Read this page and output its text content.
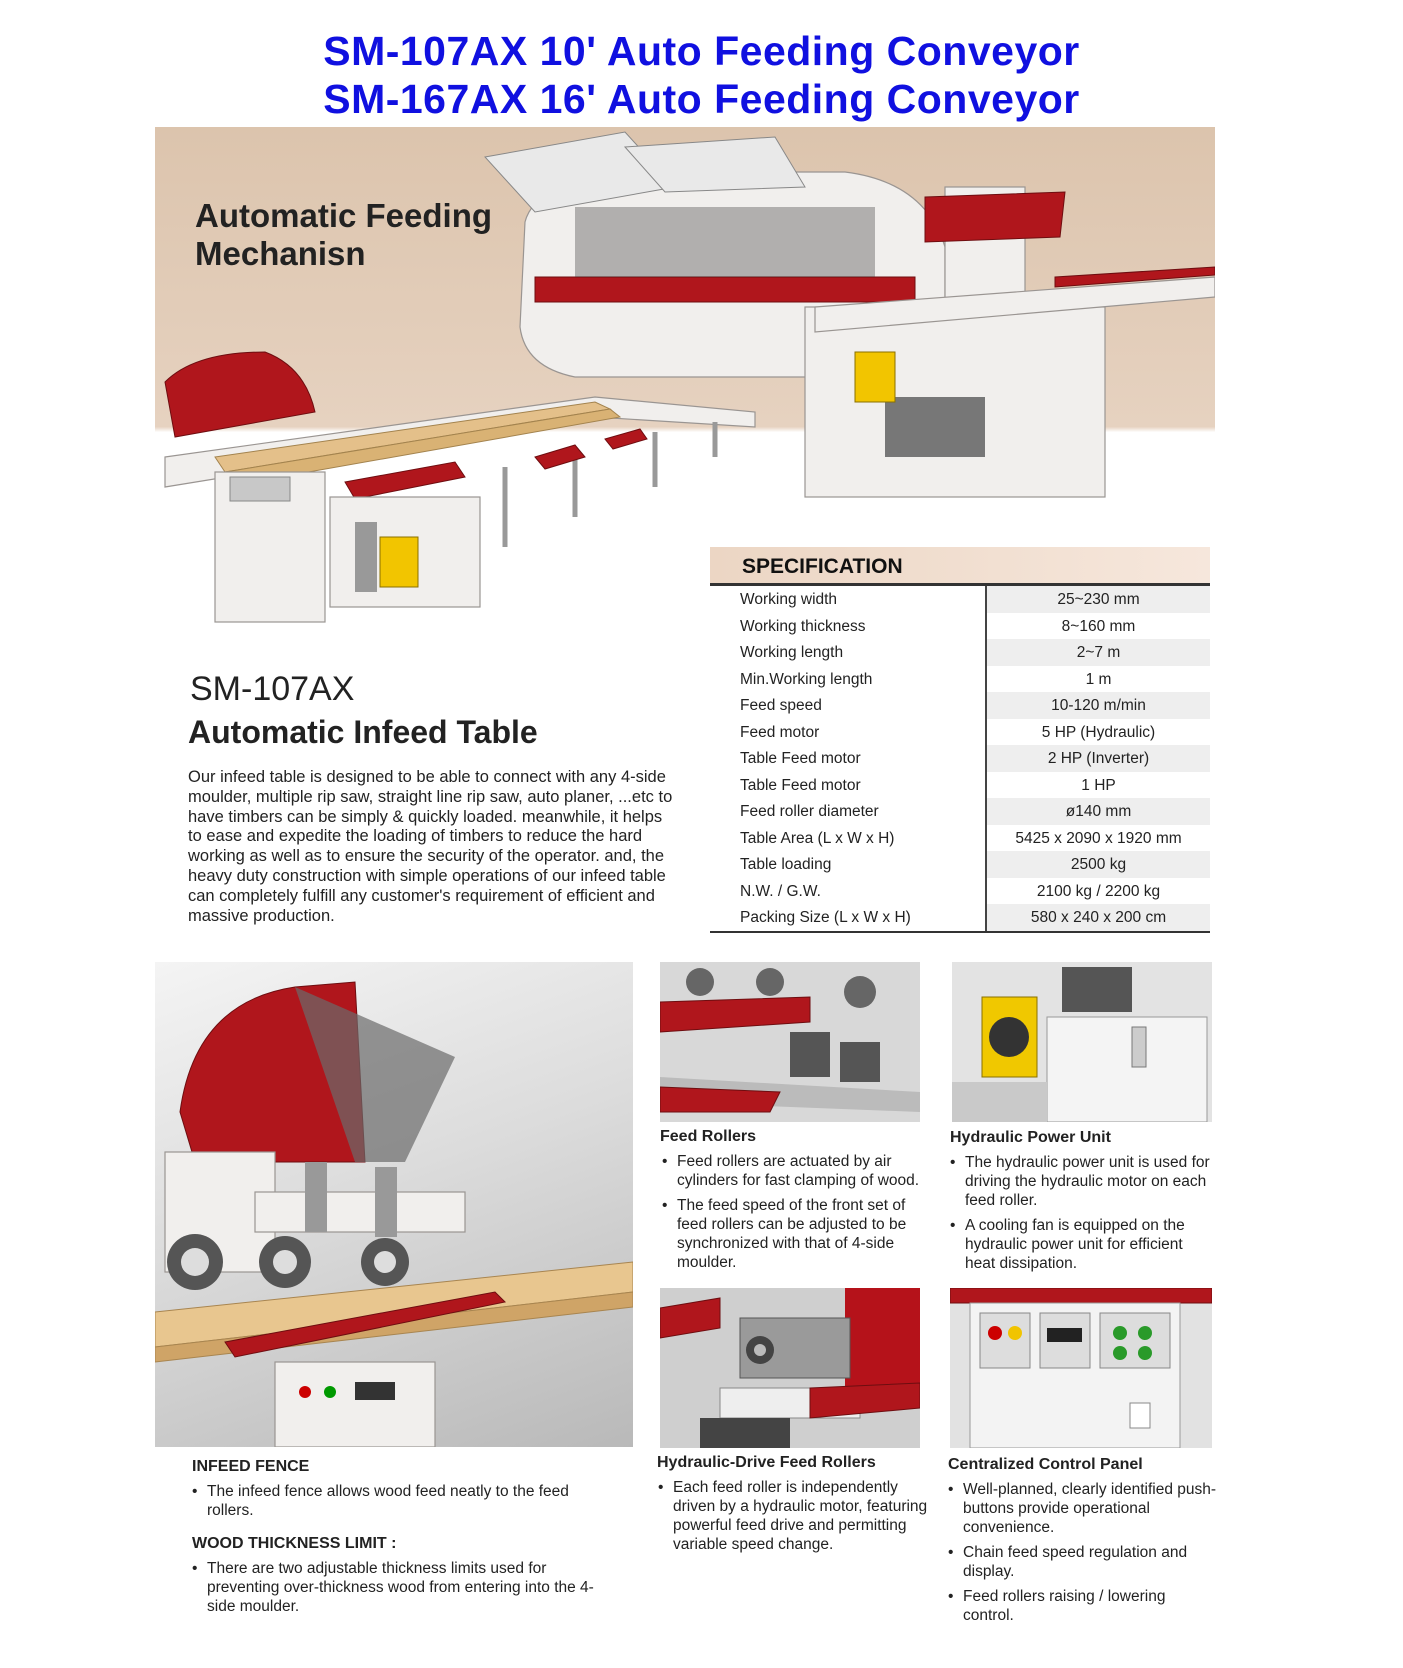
SM-107AX 10' Auto Feeding Conveyor
SM-167AX 16' Auto Feeding Conveyor
Automatic Feeding
Mechanisn
SPECIFICATION
Working width	25~230 mm
Working thickness	8~160 mm
Working length	2~7 m
Min.Working length	1 m
Feed speed	10-120 m/min
Feed motor	5 HP (Hydraulic)
Table Feed motor	2 HP (Inverter)
Table Feed motor	1 HP
Feed roller diameter	ø140 mm
Table Area (L x W x H)	5425 x 2090 x 1920 mm
Table loading	2500 kg
N.W. / G.W.	2100 kg / 2200 kg
Packing Size (L x W x H)	580 x 240 x 200 cm
SM-107AX
Automatic Infeed Table
Our infeed table is designed to be able to connect with any 4-side moulder, multiple rip saw, straight line rip saw, auto planer, ...etc to have timbers can be simply & quickly loaded. meanwhile, it helps to ease and expedite the loading of timbers to reduce the hard working as well as to ensure the security of the operator. and, the heavy duty construction with simple operations of our infeed table can completely fulfill any customer's requirement of efficient and massive production.
INFEED FENCE
• The infeed fence allows wood feed neatly to the feed rollers.
WOOD THICKNESS LIMIT :
• There are two adjustable thickness limits used for preventing over-thickness wood from entering into the 4-side moulder.
Feed Rollers
• Feed rollers are actuated by air cylinders for fast clamping of wood.
• The feed speed of the front set of feed rollers can be adjusted to be synchronized with that of 4-side moulder.
Hydraulic Power Unit
• The hydraulic power unit is used for driving the hydraulic motor on each feed roller.
• A cooling fan is equipped on the hydraulic power unit for efficient heat dissipation.
Hydraulic-Drive Feed Rollers
• Each feed roller is independently driven by a hydraulic motor, featuring powerful feed drive and permitting variable speed change.
Centralized Control Panel
• Well-planned, clearly identified push-buttons provide operational convenience.
• Chain feed speed regulation and display.
• Feed rollers raising / lowering control.
